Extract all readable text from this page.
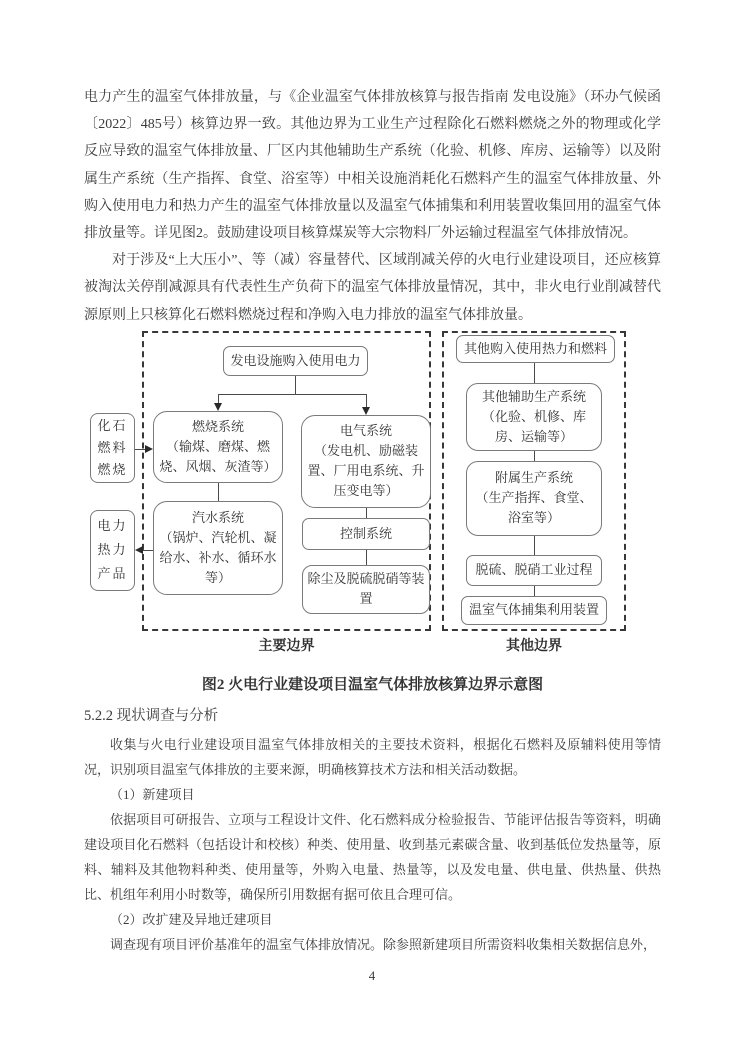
电力产生的温室气体排放量，与《企业温室气体排放核算与报告指南 发电设施》（环办气候函〔2022〕485号）核算边界一致。其他边界为工业生产过程除化石燃料燃烧之外的物理或化学反应导致的温室气体排放量、厂区内其他辅助生产系统（化验、机修、库房、运输等）以及附属生产系统（生产指挥、食堂、浴室等）中相关设施消耗化石燃料产生的温室气体排放量、外购入使用电力和热力产生的温室气体排放量以及温室气体捕集和利用装置收集回用的温室气体排放量等。详见图2。鼓励建设项目核算煤炭等大宗物料厂外运输过程温室气体排放情况。

对于涉及“上大压小”、等（减）容量替代、区域削减关停的火电行业建设项目，还应核算被淘汰关停削减源具有代表性生产负荷下的温室气体排放量情况，其中，非火电行业削减替代源原则上只核算化石燃料燃烧过程和净购入电力排放的温室气体排放量。

化石燃料燃烧
电力热力产品
发电设施购入使用电力
燃烧系统
（输煤、磨煤、燃烧、风烟、灰渣等）
汽水系统
（锅炉、汽轮机、凝给水、补水、循环水等）
电气系统
（发电机、励磁装置、厂用电系统、升压变电等）
控制系统
除尘及脱硫脱硝等装置
其他购入使用热力和燃料
其他辅助生产系统
（化验、机修、库房、运输等）
附属生产系统
（生产指挥、食堂、浴室等）
脱硫、脱硝工业过程
温室气体捕集利用装置
主要边界	其他边界
图2 火电行业建设项目温室气体排放核算边界示意图
5.2.2 现状调查与分析

收集与火电行业建设项目温室气体排放相关的主要技术资料，根据化石燃料及原辅料使用等情况，识别项目温室气体排放的主要来源，明确核算技术方法和相关活动数据。

（1）新建项目

依据项目可研报告、立项与工程设计文件、化石燃料成分检验报告、节能评估报告等资料，明确建设项目化石燃料（包括设计和校核）种类、使用量、收到基元素碳含量、收到基低位发热量等，原料、辅料及其他物料种类、使用量等，外购入电量、热量等，以及发电量、供电量、供热量、供热比、机组年利用小时数等，确保所引用数据有据可依且合理可信。

（2）改扩建及异地迁建项目

调查现有项目评价基准年的温室气体排放情况。除参照新建项目所需资料收集相关数据信息外，

4
